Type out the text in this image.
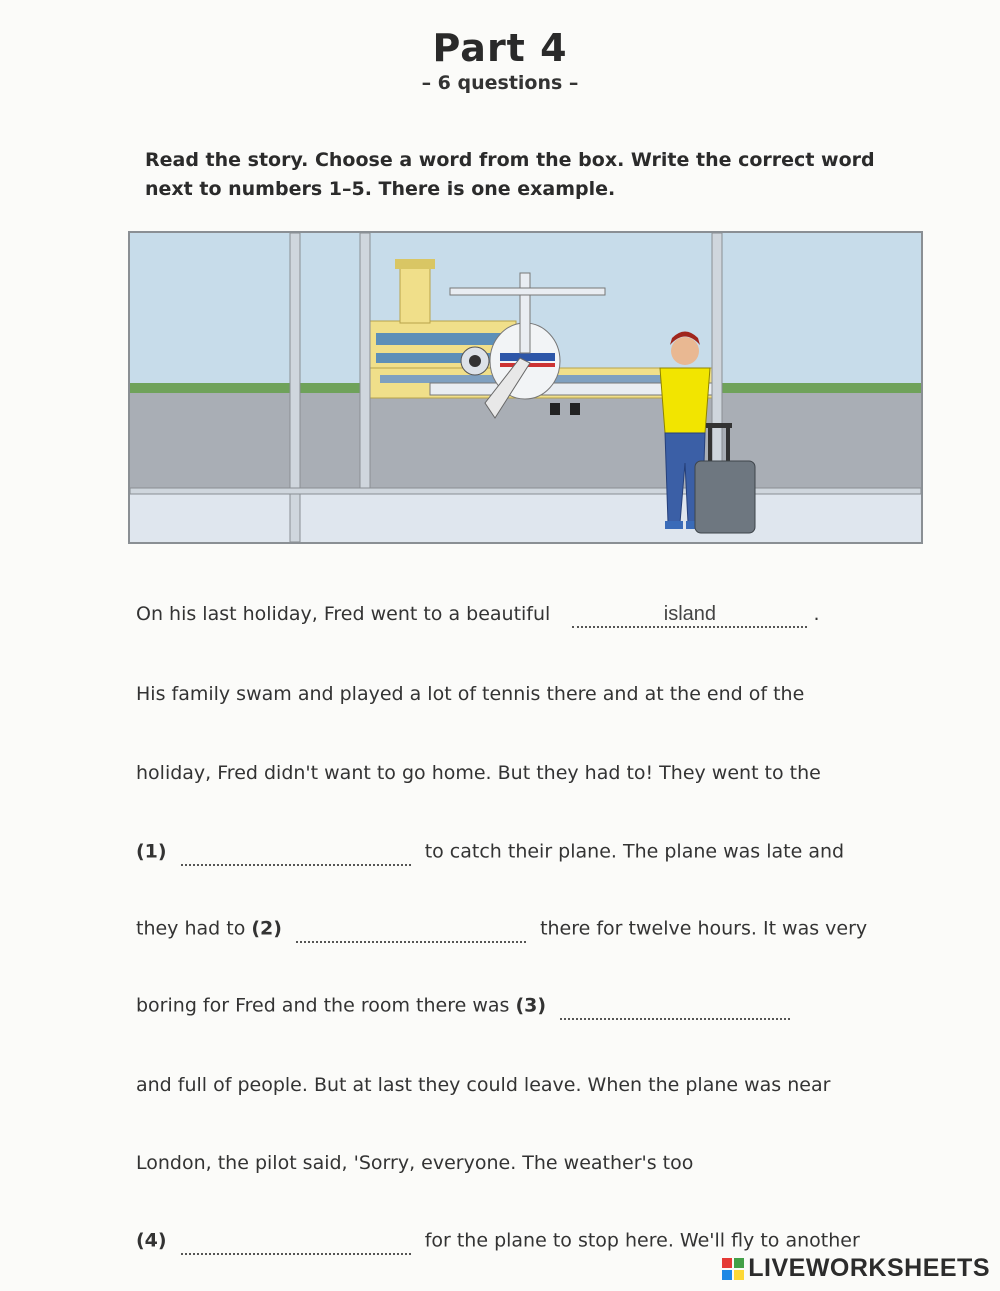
Part 4
– 6 questions –
Read the story. Choose a word from the box. Write the correct word next to numbers 1–5. There is one example.
On his last holiday, Fred went to a beautiful	island	.
His family swam and played a lot of tennis there and at the end of the
holiday, Fred didn't want to go home. But they had to! They went to the
(1)	to catch their plane. The plane was late and
they had to (2)	there for twelve hours. It was very
boring for Fred and the room there was (3)
and full of people. But at last they could leave. When the plane was near
London, the pilot said, 'Sorry, everyone. The weather's too
(4)	for the plane to stop here. We'll fly to another
LIVEWORKSHEETS
